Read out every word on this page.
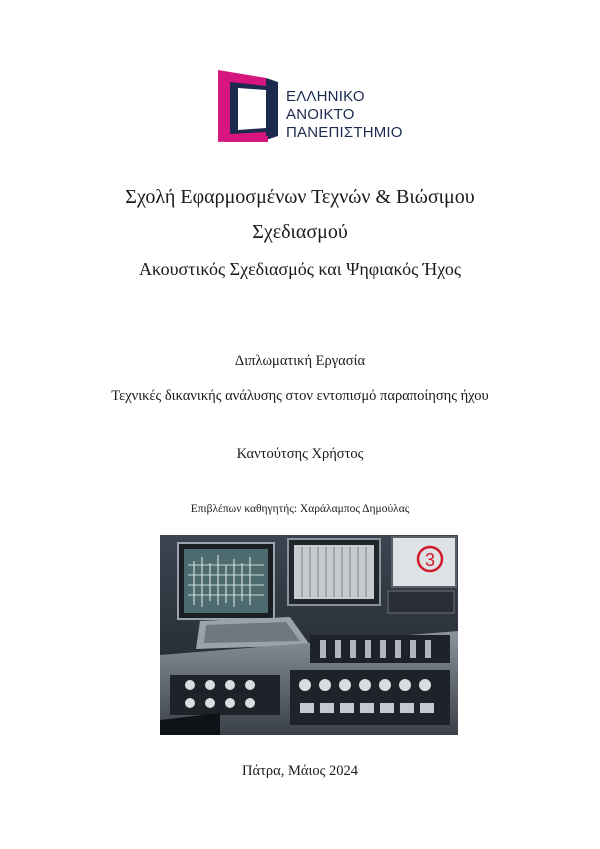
ΕΛΛΗΝΙΚΟ
ΑΝΟΙΚΤΟ
ΠΑΝΕΠΙΣΤΗΜΙΟ
Σχολή Εφαρμοσμένων Τεχνών & Βιώσιμου
Σχεδιασμού
Ακουστικός Σχεδιασμός και Ψηφιακός Ήχος
Διπλωματική Εργασία
Τεχνικές δικανικής ανάλυσης στον εντοπισμό παραποίησης ήχου
Καντούτσης Χρήστος
Επιβλέπων καθηγητής: Χαράλαμπος Δημούλας
3
Πάτρα, Μάιος 2024
